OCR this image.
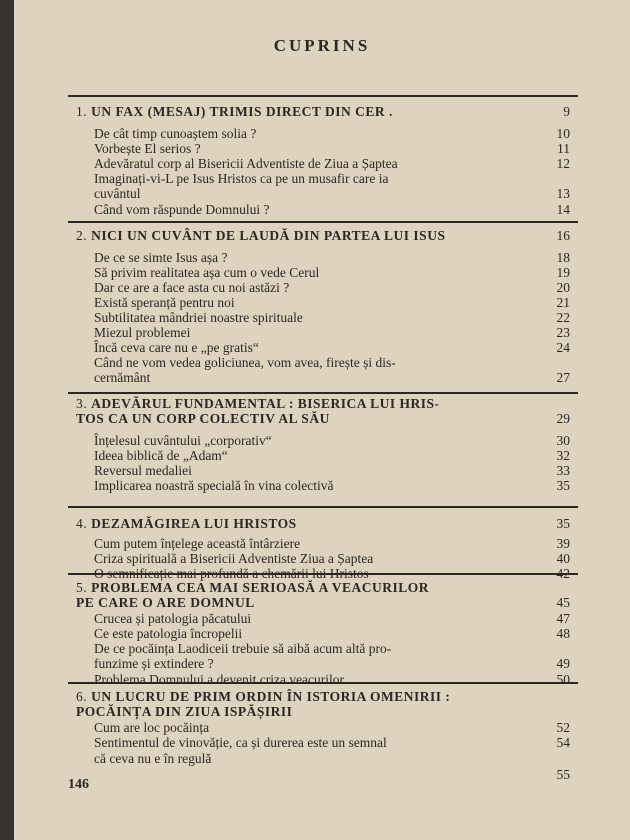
CUPRINS
1. UN FAX (MESAJ) TRIMIS DIRECT DIN CER .	9
De cât timp cunoaștem solia ?	10
Vorbește El serios ?	11
Adevăratul corp al Bisericii Adventiste de Ziua a Șaptea	12
Imaginați-vi-L pe Isus Hristos ca pe un musafir care ia
cuvântul	13
Când vom răspunde Domnului ?	14
2. NICI UN CUVÂNT DE LAUDĂ DIN PARTEA LUI ISUS	16
De ce se simte Isus așa ?	18
Să privim realitatea așa cum o vede Cerul	19
Dar ce are a face asta cu noi astăzi ?	20
Există speranță pentru noi	21
Subtilitatea mândriei noastre spirituale	22
Miezul problemei	23
Încă ceva care nu e „pe gratis“	24
Când ne vom vedea goliciunea, vom avea, firește și dis-
cernământ	27
3. ADEVĂRUL FUNDAMENTAL : BISERICA LUI HRIS-
TOS CA UN CORP COLECTIV AL SĂU	29
Înțelesul cuvântului „corporativ“	30
Ideea biblică de „Adam“	32
Reversul medaliei	33
Implicarea noastră specială în vina colectivă	35
4. DEZAMĂGIREA LUI HRISTOS	35
Cum putem înțelege această întârziere	39
Criza spirituală a Bisericii Adventiste Ziua a Șaptea	40
O semnificație mai profundă a chemării lui Hristos	42
5. PROBLEMA CEA MAI SERIOASĂ A VEACURILOR
PE CARE O ARE DOMNUL	45
Crucea și patologia păcatului	47
Ce este patologia încropelii	48
De ce pocăința Laodiceii trebuie să aibă acum altă pro-
funzime și extindere ?	49
Problema Domnului a devenit criza veacurilor	50
6. UN LUCRU DE PRIM ORDIN ÎN ISTORIA OMENIRII :
POCĂINȚA DIN ZIUA ISPĂȘIRII
Cum are loc pocăința	52
Sentimentul de vinovăție, ca și durerea este un semnal	54
că ceva nu e în regulă
55
146
